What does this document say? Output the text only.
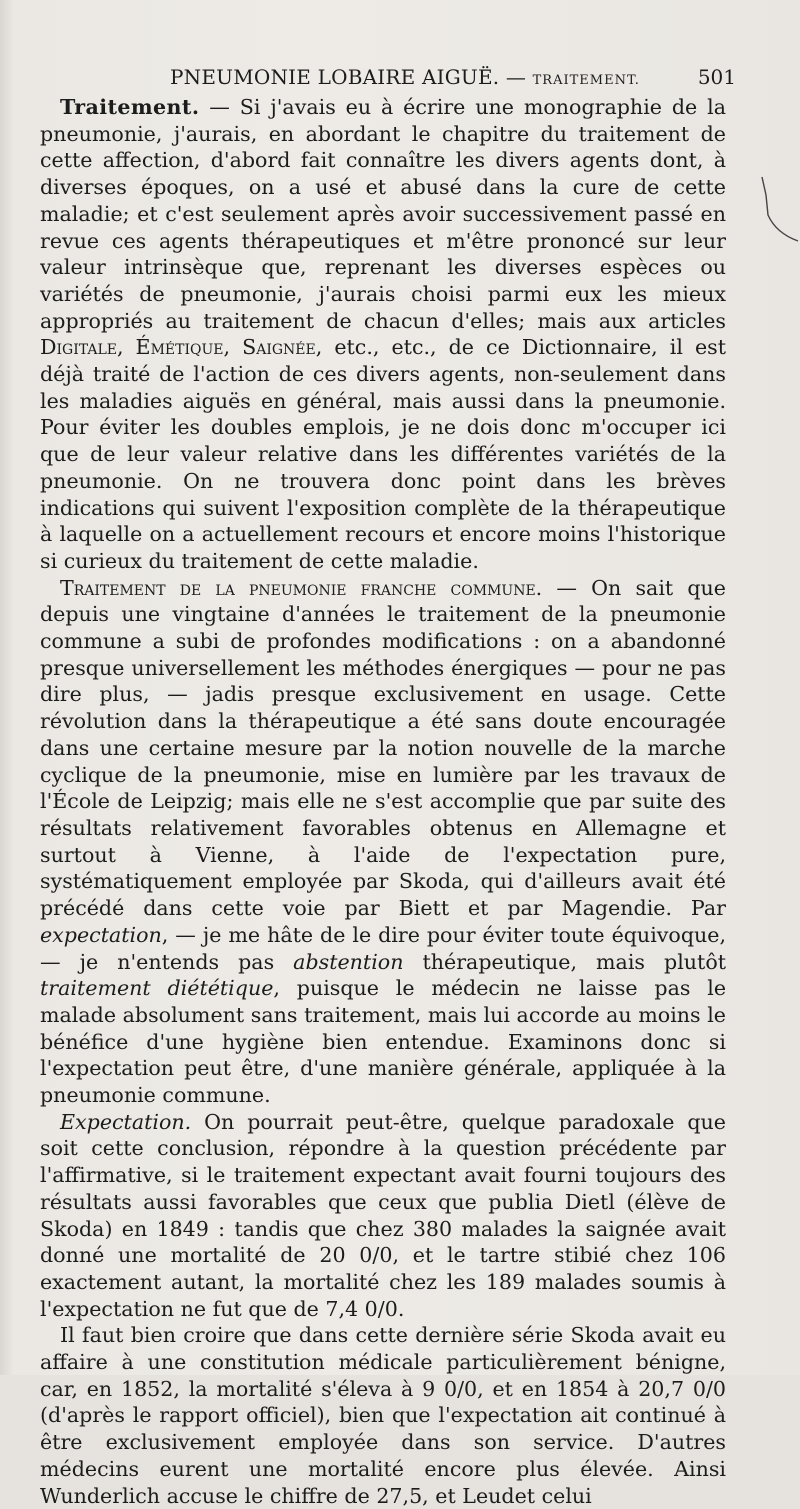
PNEUMONIE LOBAIRE AIGUË. — TRAITEMENT.	501

Traitement. — Si j'avais eu à écrire une monographie de la pneumonie, j'aurais, en abordant le chapitre du traitement de cette affection, d'abord fait connaître les divers agents dont, à diverses époques, on a usé et abusé dans la cure de cette maladie; et c'est seulement après avoir successivement passé en revue ces agents thérapeutiques et m'être prononcé sur leur valeur intrinsèque que, reprenant les diverses espèces ou variétés de pneumonie, j'aurais choisi parmi eux les mieux appropriés au traitement de chacun d'elles; mais aux articles Digitale, Émétique, Saignée, etc., etc., de ce Dictionnaire, il est déjà traité de l'action de ces divers agents, non-seulement dans les maladies aiguës en général, mais aussi dans la pneumonie. Pour éviter les doubles emplois, je ne dois donc m'occuper ici que de leur valeur relative dans les différentes variétés de la pneumonie. On ne trouvera donc point dans les brèves indications qui suivent l'exposition complète de la thérapeutique à laquelle on a actuellement recours et encore moins l'historique si curieux du traitement de cette maladie.

Traitement de la pneumonie franche commune. — On sait que depuis une vingtaine d'années le traitement de la pneumonie commune a subi de profondes modifications : on a abandonné presque universellement les méthodes énergiques — pour ne pas dire plus, — jadis presque exclusivement en usage. Cette révolution dans la thérapeutique a été sans doute encouragée dans une certaine mesure par la notion nouvelle de la marche cyclique de la pneumonie, mise en lumière par les travaux de l'École de Leipzig; mais elle ne s'est accomplie que par suite des résultats relativement favorables obtenus en Allemagne et surtout à Vienne, à l'aide de l'expectation pure, systématiquement employée par Skoda, qui d'ailleurs avait été précédé dans cette voie par Biett et par Magendie. Par expectation, — je me hâte de le dire pour éviter toute équivoque, — je n'entends pas abstention thérapeutique, mais plutôt traitement diététique, puisque le médecin ne laisse pas le malade absolument sans traitement, mais lui accorde au moins le bénéfice d'une hygiène bien entendue. Examinons donc si l'expectation peut être, d'une manière générale, appliquée à la pneumonie commune.

Expectation. On pourrait peut-être, quelque paradoxale que soit cette conclusion, répondre à la question précédente par l'affirmative, si le traitement expectant avait fourni toujours des résultats aussi favorables que ceux que publia Dietl (élève de Skoda) en 1849 : tandis que chez 380 malades la saignée avait donné une mortalité de 20 0/0, et le tartre stibié chez 106 exactement autant, la mortalité chez les 189 malades soumis à l'expectation ne fut que de 7,4 0/0.

Il faut bien croire que dans cette dernière série Skoda avait eu affaire à une constitution médicale particulièrement bénigne, car, en 1852, la mortalité s'éleva à 9 0/0, et en 1854 à 20,7 0/0 (d'après le rapport officiel), bien que l'expectation ait continué à être exclusivement employée dans son service. D'autres médecins eurent une mortalité encore plus élevée. Ainsi Wunderlich accuse le chiffre de 27,5, et Leudet celui
